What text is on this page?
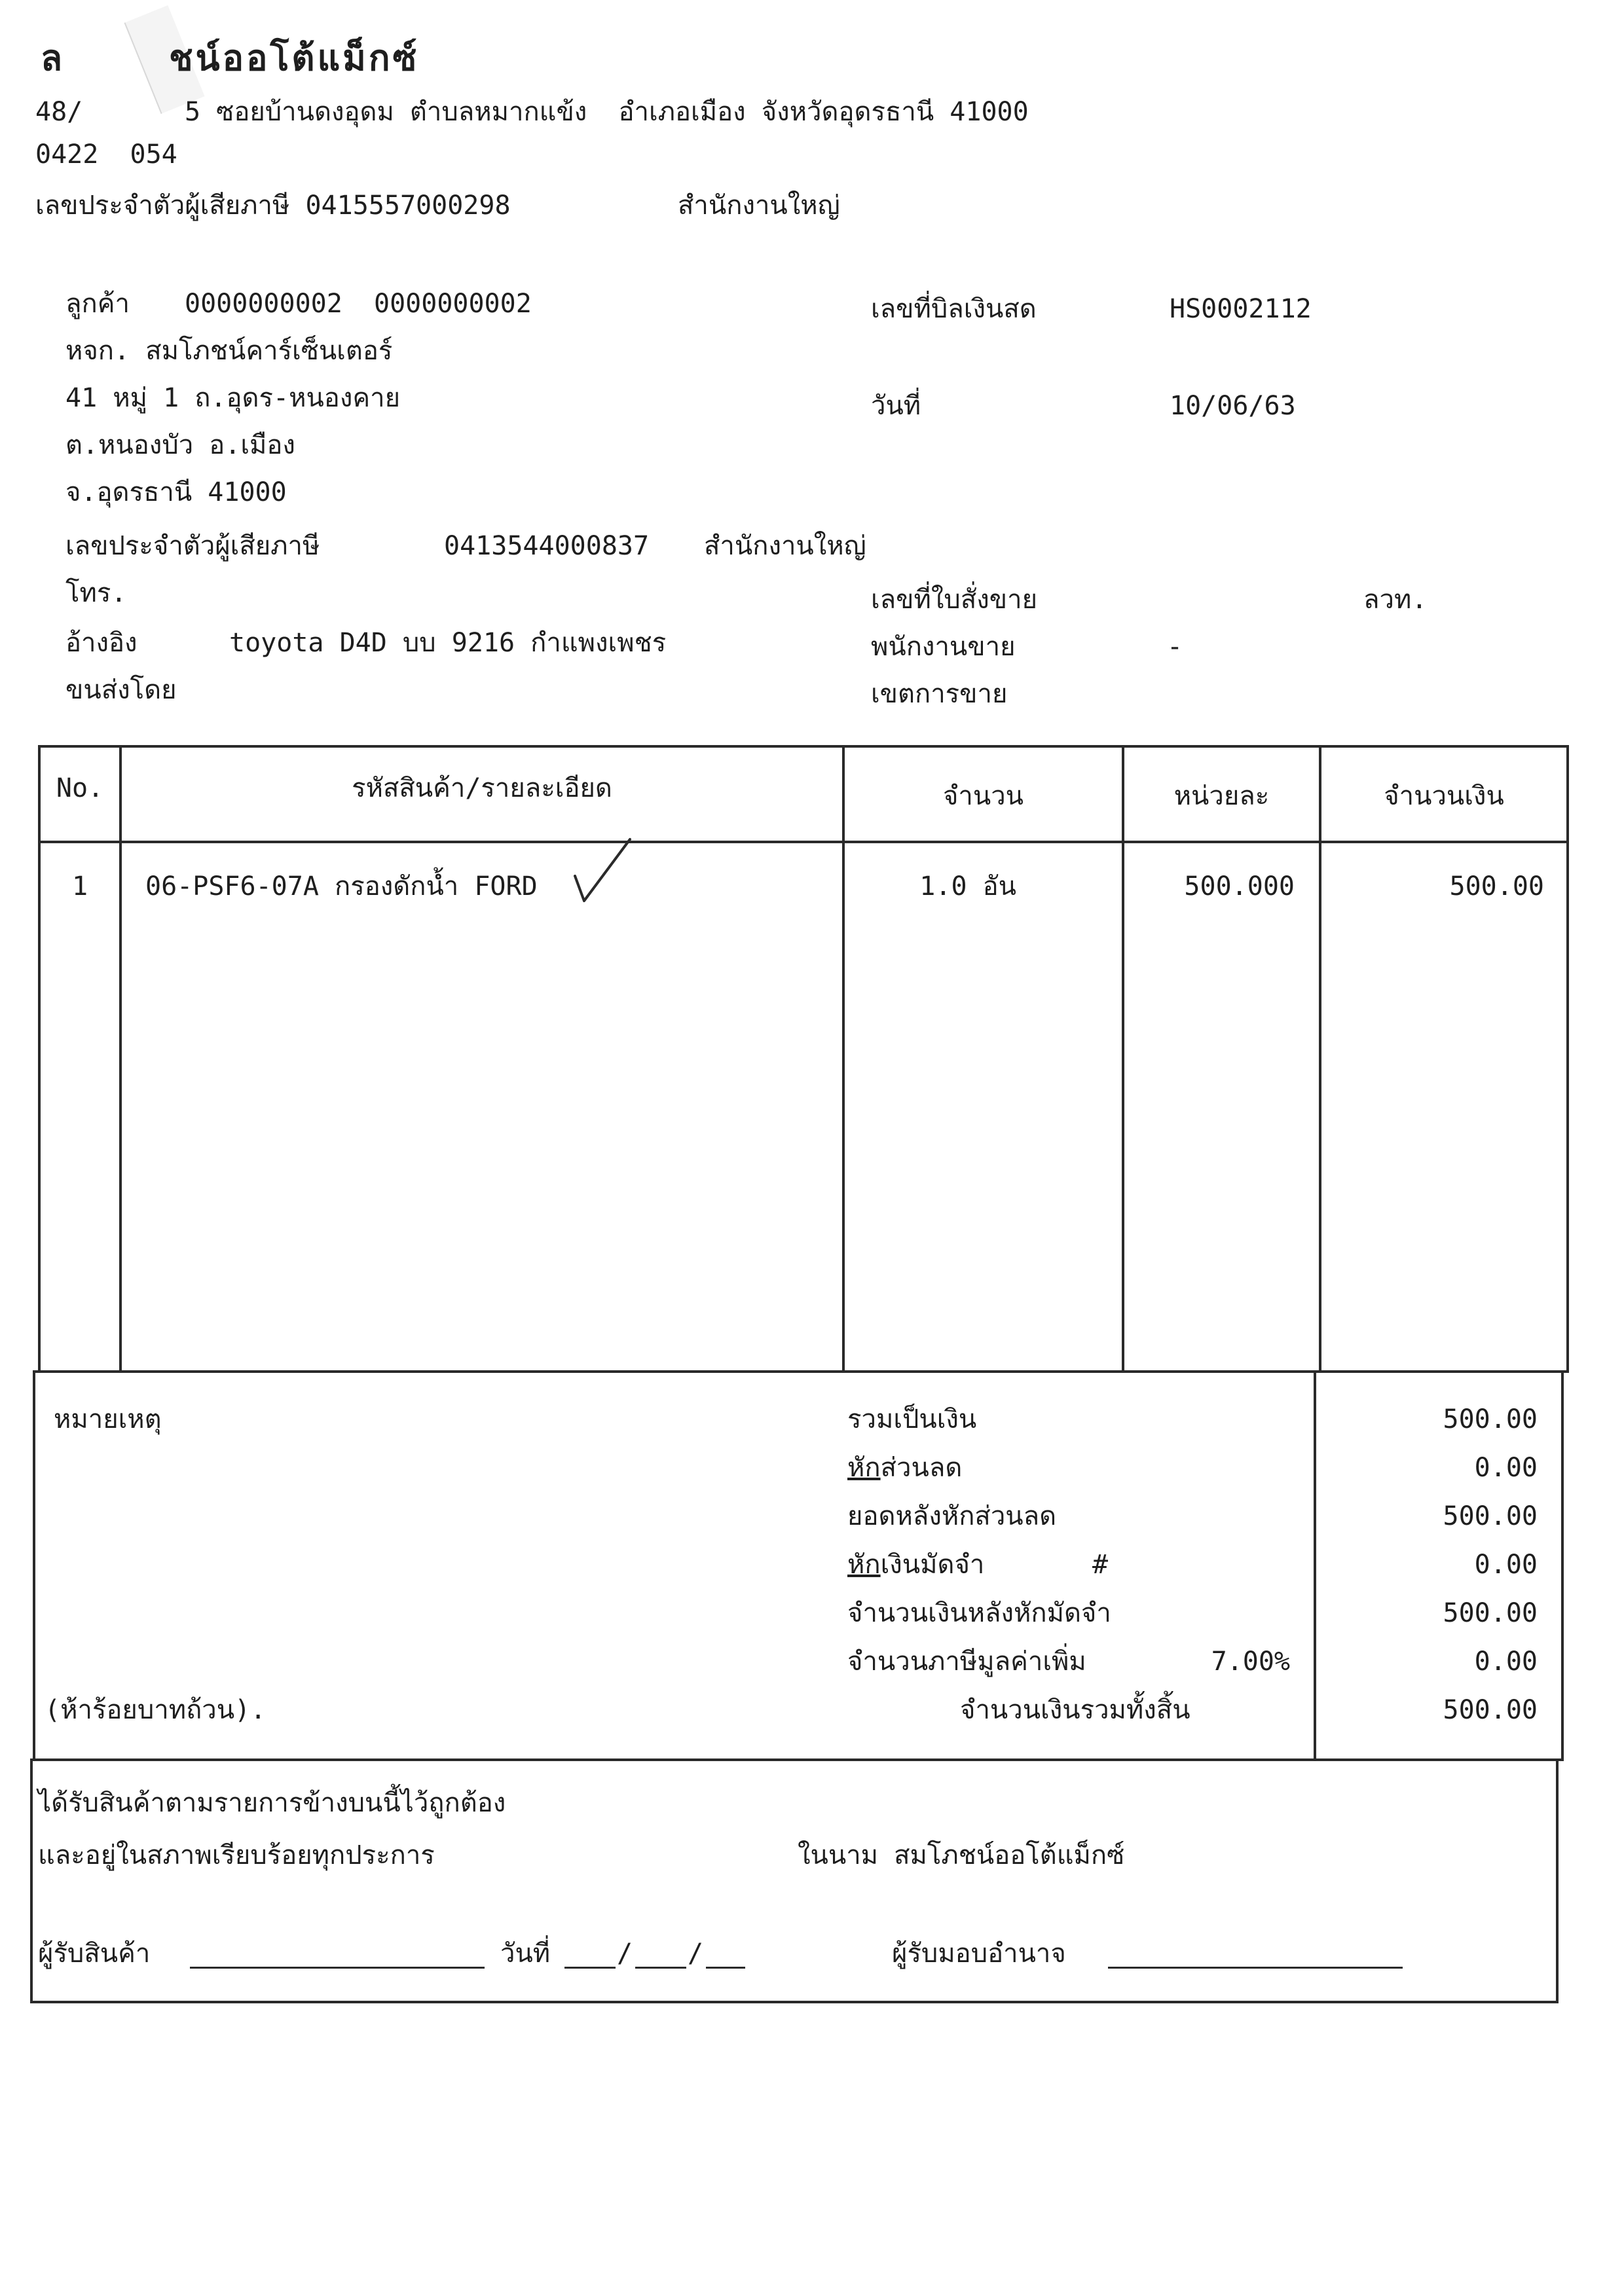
ล	ชน์ออโต้แม็กซ์
48/	5 ซอยบ้านดงอุดม ตำบลหมากแข้ง  อำเภอเมือง จังหวัดอุดรธานี 41000
0422  054
เลขประจำตัวผู้เสียภาษี 0415557000298	สำนักงานใหญ่
ลูกค้า 0000000002  0000000002
หจก. สมโภชน์คาร์เซ็นเตอร์
41 หมู่ 1 ถ.อุดร-หนองคาย
ต.หนองบัว อ.เมือง
จ.อุดรธานี 41000
เลขประจำตัวผู้เสียภาษี	0413544000837 สำนักงานใหญ่
โทร.
อ้างอิง	toyota D4D บบ 9216 กำแพงเพชร
ขนส่งโดย
เลขที่บิลเงินสด	HS0002112
วันที่	10/06/63
เลขที่ใบสั่งขาย	ลวท.
พนักงานขาย	-
เขตการขาย
No.	รหัสสินค้า/รายละเอียด	จำนวน	หน่วยละ	จำนวนเงิน
1	06-PSF6-07A กรองดักน้ำ FORD	1.0 อัน	500.000	500.00
หมายเหตุ
(ห้าร้อยบาทถ้วน).
รวมเป็นเงิน	500.00
หักส่วนลด	0.00
ยอดหลังหักส่วนลด	500.00
หักเงินมัดจำ	#	0.00
จำนวนเงินหลังหักมัดจำ	500.00
จำนวนภาษีมูลค่าเพิ่ม	7.00%	0.00
จำนวนเงินรวมทั้งสิ้น	500.00
ได้รับสินค้าตามรายการข้างบนนี้ไว้ถูกต้อง
และอยู่ในสภาพเรียบร้อยทุกประการ	ในนาม สมโภชน์ออโต้แม็กซ์
ผู้รับสินค้า	วันที่	/ /	ผู้รับมอบอำนาจ
